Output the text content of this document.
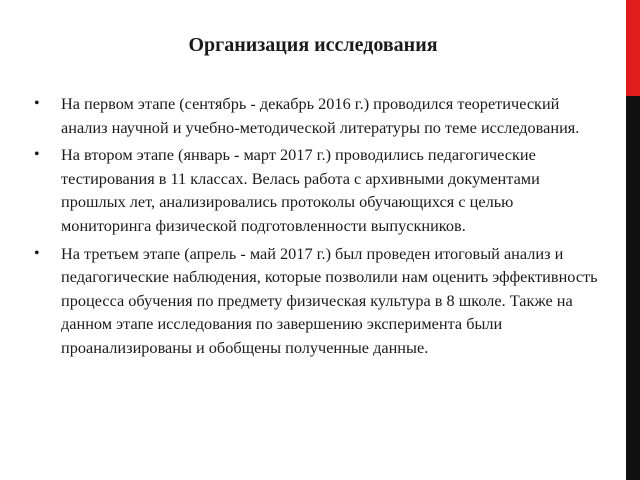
Организация исследования
• На первом этапе (сентябрь - декабрь 2016 г.) проводился теоретический анализ научной и учебно-методической литературы по теме исследования.
• На втором этапе (январь - март 2017 г.) проводились педагогические тестирования в 11 классах. Велась работа с архивными документами прошлых лет, анализировались протоколы обучающихся с целью мониторинга физической подготовленности выпускников.
• На третьем этапе (апрель - май 2017 г.) был проведен итоговый анализ и педагогические наблюдения, которые позволили нам оценить эффективность процесса обучения по предмету физическая культура в 8 школе. Также на данном этапе исследования по завершению эксперимента были проанализированы и обобщены полученные данные.
